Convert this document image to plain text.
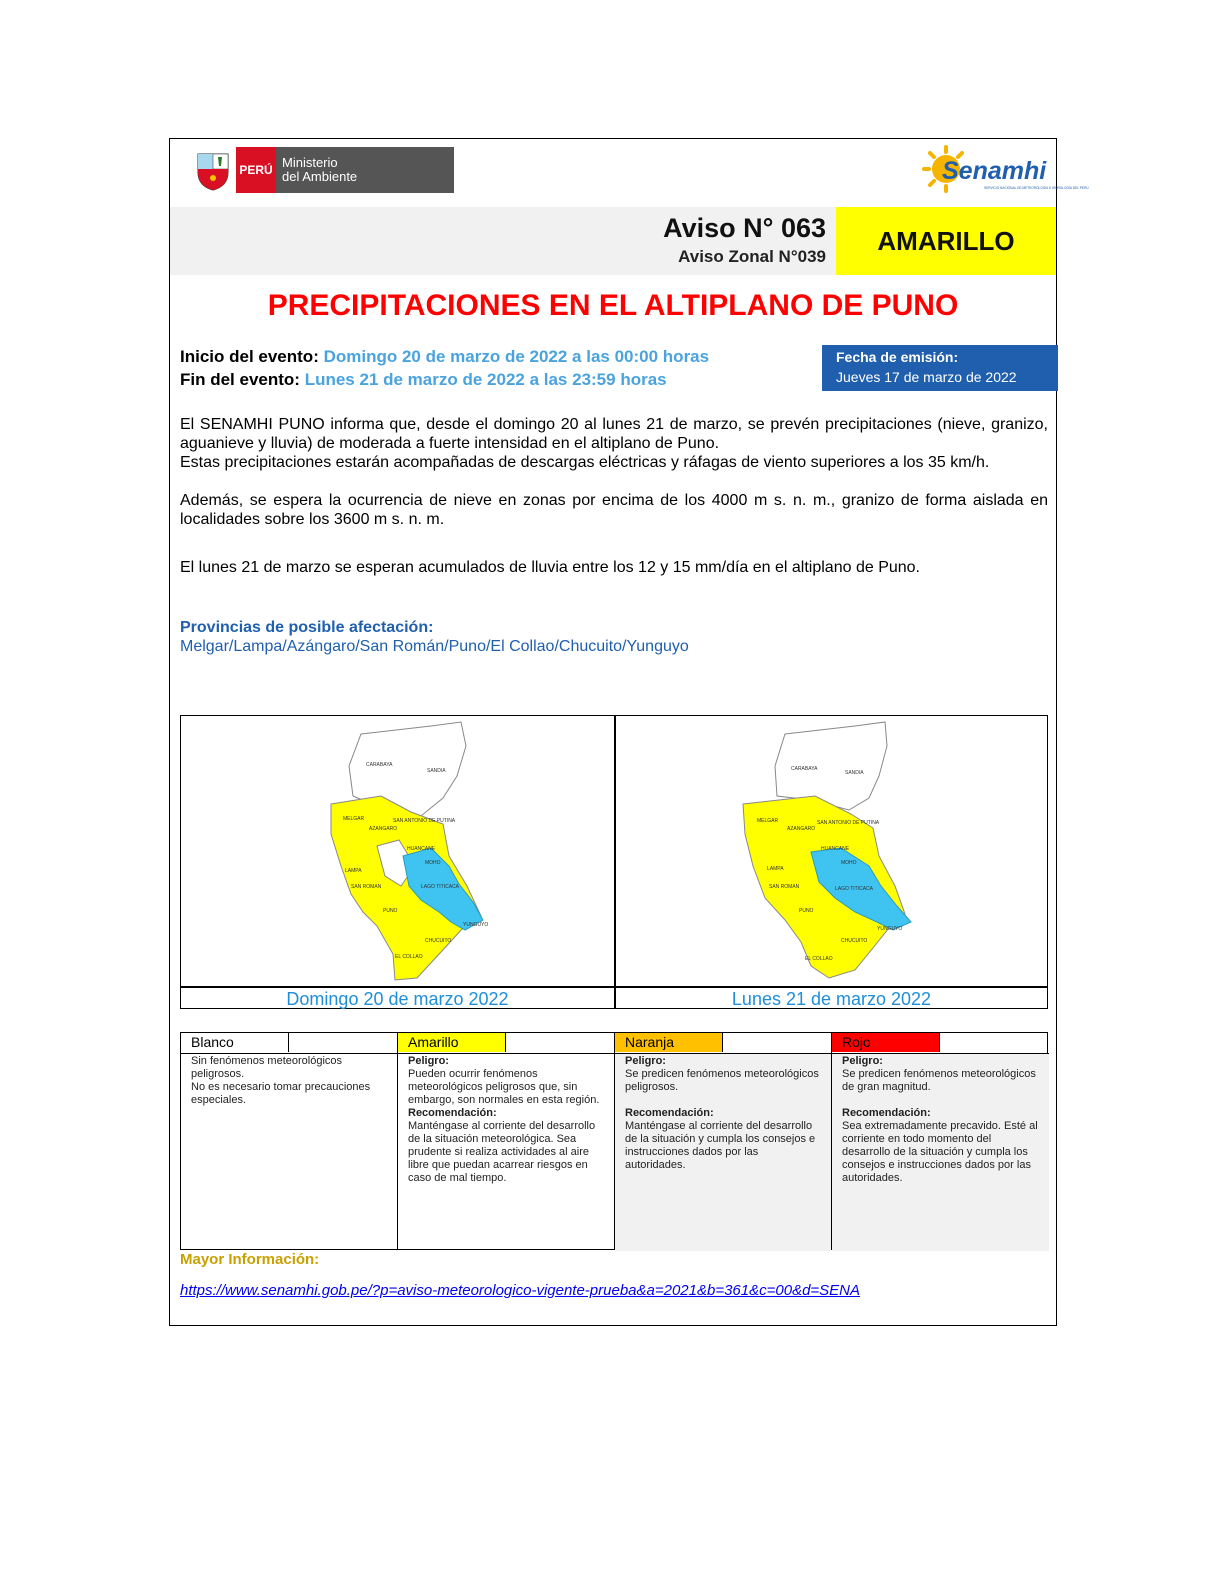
PERÚ Ministerio
del Ambiente	Senamhi
SERVICIO NACIONAL DE METEOROLOGÍA E HIDROLOGÍA DEL PERÚ
Aviso N° 063
Aviso Zonal N°039
AMARILLO
PRECIPITACIONES EN EL ALTIPLANO DE PUNO
Inicio del evento: Domingo 20 de marzo de 2022 a las 00:00 horas
Fin del evento: Lunes 21 de marzo de 2022 a las 23:59 horas
Fecha de emisión:
Jueves 17 de marzo de 2022
El SENAMHI PUNO informa que, desde el domingo 20 al lunes 21 de marzo, se prevén precipitaciones (nieve, granizo, aguanieve y lluvia) de moderada a fuerte intensidad en el altiplano de Puno.
Estas precipitaciones estarán acompañadas de descargas eléctricas y ráfagas de viento superiores a los 35 km/h.
Además, se espera la ocurrencia de nieve en zonas por encima de los 4000 m s. n. m., granizo de forma aislada en localidades sobre los 3600 m s. n. m.
El lunes 21 de marzo se esperan acumulados de lluvia entre los 12 y 15 mm/día en el altiplano de Puno.
Provincias de posible afectación:
Melgar/Lampa/Azángaro/San Román/Puno/El Collao/Chucuito/Yunguyo
CARABAYA
SANDIA
MELGAR
AZANGARO
SAN ANTONIO DE PUTINA
HUANCANE
MOHO
LAMPA
SAN ROMAN	LAGO TITICACA
PUNO
YUNGUYO
CHUCUITO
EL COLLAO
CARABAYA
SANDIA
MELGAR
AZANGARO
SAN ANTONIO DE PUTINA
HUANCANE
MOHO
LAMPA
SAN ROMAN	LAGO TITICACA
PUNO
YUNGUYO
CHUCUITO
EL COLLAO
Domingo 20 de marzo 2022	Lunes 21 de marzo 2022
Blanco
Sin fenómenos meteorológicos peligrosos.
No es necesario tomar precauciones especiales.
Amarillo
Peligro:
Pueden ocurrir fenómenos meteorológicos peligrosos que, sin embargo, son normales en esta región.
Recomendación:
Manténgase al corriente del desarrollo de la situación meteorológica. Sea prudente si realiza actividades al aire libre que puedan acarrear riesgos en caso de mal tiempo.
Naranja
Peligro:
Se predicen fenómenos meteorológicos peligrosos.
Recomendación:
Manténgase al corriente del desarrollo de la situación y cumpla los consejos e instrucciones dados por las autoridades.
Rojo
Peligro:
Se predicen fenómenos meteorológicos de gran magnitud.
Recomendación:
Sea extremadamente precavido. Esté al corriente en todo momento del desarrollo de la situación y cumpla los consejos e instrucciones dados por las autoridades.
Mayor Información:
https://www.senamhi.gob.pe/?p=aviso-meteorologico-vigente-prueba&a=2021&b=361&c=00&d=SENA
